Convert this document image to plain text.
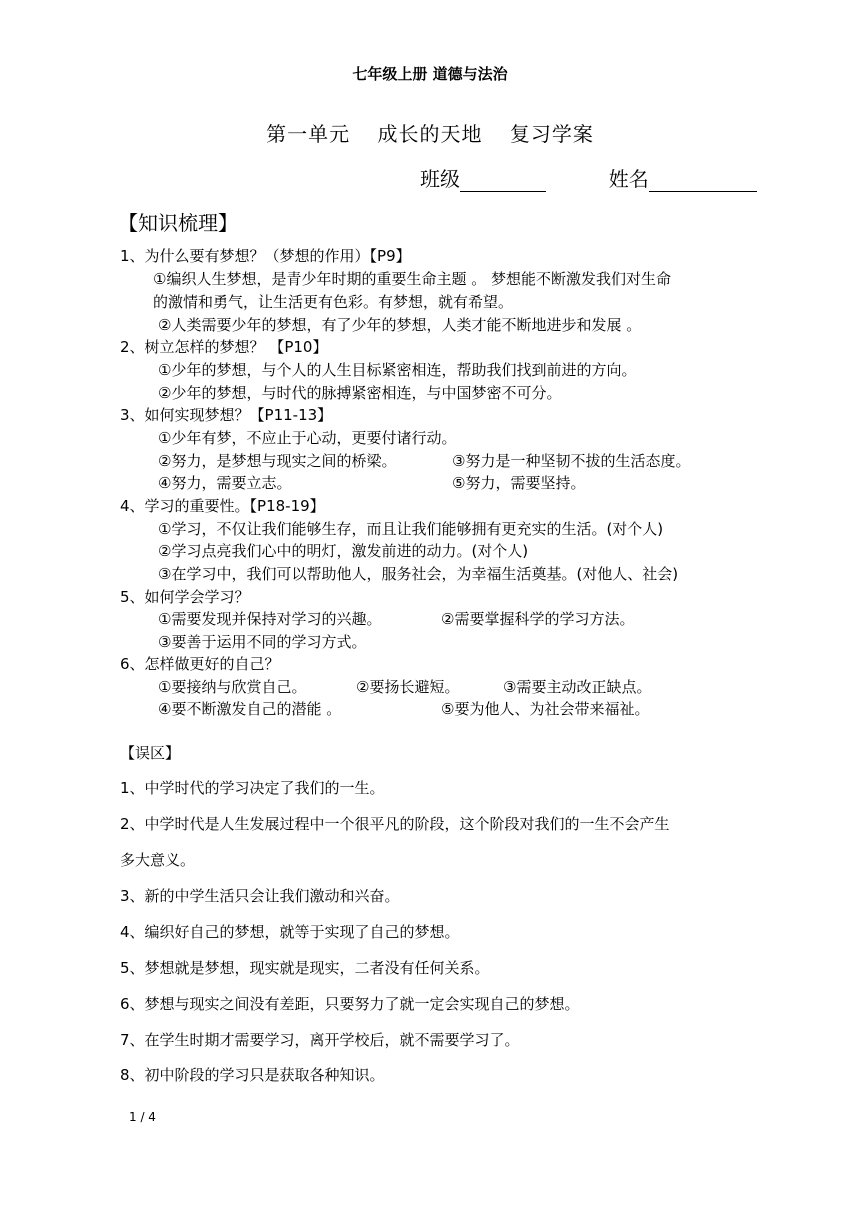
七年级上册 道德与法治
第一单元 成长的天地 复习学案
班级	姓名
【知识梳理】
1、为什么要有梦想？（梦想的作用）【P9】
①编织人生梦想，是青少年时期的重要生命主题 。 梦想能不断激发我们对生命
的激情和勇气，让生活更有色彩。有梦想，就有希望。
②人类需要少年的梦想，有了少年的梦想，人类才能不断地进步和发展 。
2、树立怎样的梦想？ 【P10】
①少年的梦想，与个人的人生目标紧密相连，帮助我们找到前进的方向。
②少年的梦想，与时代的脉搏紧密相连，与中国梦密不可分。
3、如何实现梦想？【P11-13】
①少年有梦，不应止于心动，更要付诸行动。
②努力，是梦想与现实之间的桥梁。	③努力是一种坚韧不拔的生活态度。
④努力，需要立志。	⑤努力，需要坚持。
4、学习的重要性。【P18-19】
①学习，不仅让我们能够生存，而且让我们能够拥有更充实的生活。(对个人)
②学习点亮我们心中的明灯，激发前进的动力。(对个人)
③在学习中，我们可以帮助他人，服务社会，为幸福生活奠基。(对他人、社会)
5、如何学会学习？
①需要发现并保持对学习的兴趣。	②需要掌握科学的学习方法。
③要善于运用不同的学习方式。
6、怎样做更好的自己？
①要接纳与欣赏自己。	②要扬长避短。	③需要主动改正缺点。
④要不断激发自己的潜能 。	⑤要为他人、为社会带来福祉。
【误区】
1、中学时代的学习决定了我们的一生。
2、中学时代是人生发展过程中一个很平凡的阶段，这个阶段对我们的一生不会产生
多大意义。
3、新的中学生活只会让我们激动和兴奋。
4、编织好自己的梦想，就等于实现了自己的梦想。
5、梦想就是梦想，现实就是现实，二者没有任何关系。
6、梦想与现实之间没有差距，只要努力了就一定会实现自己的梦想。
7、在学生时期才需要学习，离开学校后，就不需要学习了。
8、初中阶段的学习只是获取各种知识。
1 / 4
